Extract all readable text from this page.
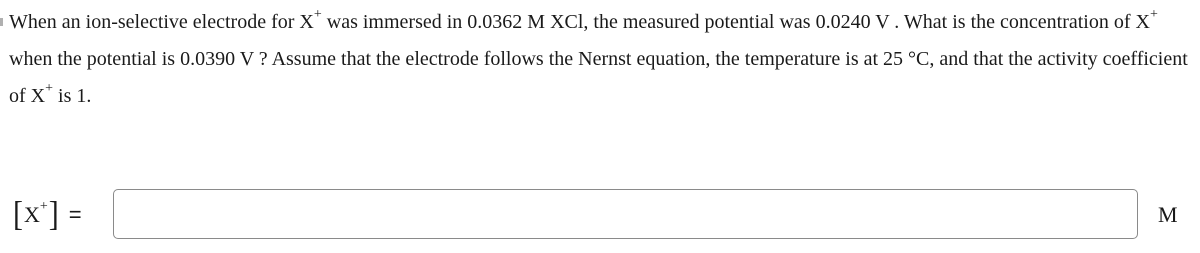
When an ion-selective electrode for X+ was immersed in 0.0362 M XCl, the measured potential was 0.0240 V . What is the concentration of X+ when the potential is 0.0390 V ? Assume that the electrode follows the Nernst equation, the temperature is at 25 °C, and that the activity coefficient of X+ is 1.

[ X+ ] =	M
